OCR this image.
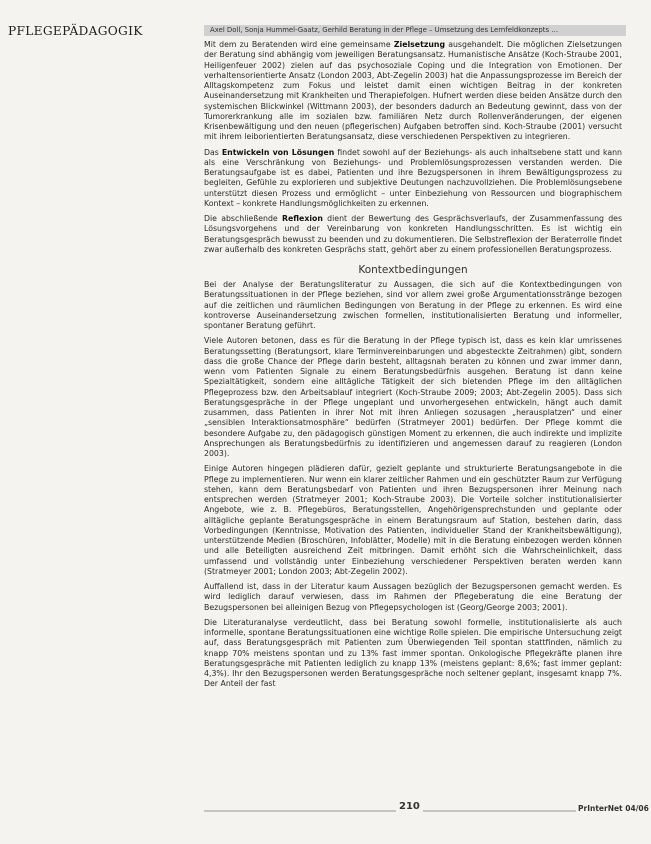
PFLEGEPÄDAGOGIK	Axel Doll, Sonja Hummel-Gaatz, Gerhild Beratung in der Pflege – Umsetzung des Lernfeldkonzepts …

Mit dem zu Beratenden wird eine gemeinsame Zielsetzung ausgehandelt. Die möglichen Zielsetzungen der Beratung sind abhängig vom jeweiligen Beratungsansatz. Humanistische Ansätze (Koch-Straube 2001, Heiligenfeuer 2002) zielen auf das psychosoziale Coping und die Integration von Emotionen. Der verhaltensorientierte Ansatz (London 2003, Abt-Zegelin 2003) hat die Anpassungsprozesse im Bereich der Alltagskompetenz zum Fokus und leistet damit einen wichtigen Beitrag in der konkreten Auseinandersetzung mit Krankheiten und Therapiefolgen. Hufnert werden diese beiden Ansätze durch den systemischen Blickwinkel (Wittmann 2003), der besonders dadurch an Bedeutung gewinnt, dass von der Tumorerkrankung alle im sozialen bzw. familiären Netz durch Rollenveränderungen, der eigenen Krisenbewältigung und den neuen (pflegerischen) Aufgaben betroffen sind. Koch-Straube (2001) versucht mit ihrem leiborientierten Beratungsansatz, diese verschiedenen Perspektiven zu integrieren.

Das Entwickeln von Lösungen findet sowohl auf der Beziehungs- als auch inhaltsebene statt und kann als eine Verschränkung von Beziehungs- und Problemlösungsprozessen verstanden werden. Die Beratungsaufgabe ist es dabei, Patienten und ihre Bezugspersonen in ihrem Bewältigungsprozess zu begleiten, Gefühle zu explorieren und subjektive Deutungen nachzuvollziehen. Die Problemlösungsebene unterstützt diesen Prozess und ermöglicht – unter Einbeziehung von Ressourcen und biographischem Kontext – konkrete Handlungsmöglichkeiten zu erkennen.

Die abschließende Reflexion dient der Bewertung des Gesprächsverlaufs, der Zusammenfassung des Lösungsvorgehens und der Vereinbarung von konkreten Handlungsschritten. Es ist wichtig ein Beratungsgespräch bewusst zu beenden und zu dokumentieren. Die Selbstreflexion der Beraterrolle findet zwar außerhalb des konkreten Gesprächs statt, gehört aber zu einem professionellen Beratungsprozess.

Kontextbedingungen

Bei der Analyse der Beratungsliteratur zu Aussagen, die sich auf die Kontextbedingungen von Beratungssituationen in der Pflege beziehen, sind vor allem zwei große Argumentationsstränge bezogen auf die zeitlichen und räumlichen Bedingungen von Beratung in der Pflege zu erkennen. Es wird eine kontroverse Auseinandersetzung zwischen formellen, institutionalisierten Beratung und informeller, spontaner Beratung geführt.

Viele Autoren betonen, dass es für die Beratung in der Pflege typisch ist, dass es kein klar umrissenes Beratungssetting (Beratungsort, klare Terminvereinbarungen und abgesteckte Zeitrahmen) gibt, sondern dass die große Chance der Pflege darin besteht, alltagsnah beraten zu können und zwar immer dann, wenn vom Patienten Signale zu einem Beratungsbedürfnis ausgehen. Beratung ist dann keine Spezialtätigkeit, sondern eine alltägliche Tätigkeit der sich bietenden Pflege im den alltäglichen Pflegeprozess bzw. den Arbeitsablauf integriert (Koch-Straube 2009; 2003; Abt-Zegelin 2005). Dass sich Beratungsgespräche in der Pflege ungeplant und unvorhergesehen entwickeln, hängt auch damit zusammen, dass Patienten in ihrer Not mit ihren Anliegen sozusagen „herausplatzen“ und einer „sensiblen Interaktionsatmosphäre“ bedürfen (Stratmeyer 2001) bedürfen. Der Pflege kommt die besondere Aufgabe zu, den pädagogisch günstigen Moment zu erkennen, die auch indirekte und implizite Ansprechungen als Beratungsbedürfnis zu identifizieren und angemessen darauf zu reagieren (London 2003).

Einige Autoren hingegen plädieren dafür, gezielt geplante und strukturierte Beratungsangebote in die Pflege zu implementieren. Nur wenn ein klarer zeitlicher Rahmen und ein geschützter Raum zur Verfügung stehen, kann dem Beratungsbedarf von Patienten und ihren Bezugspersonen ihrer Meinung nach entsprechen werden (Stratmeyer 2001; Koch-Straube 2003). Die Vorteile solcher institutionalisierter Angebote, wie z. B. Pflegebüros, Beratungsstellen, Angehörigensprechstunden und geplante oder alltägliche geplante Beratungsgespräche in einem Beratungsraum auf Station, bestehen darin, dass Vorbedingungen (Kenntnisse, Motivation des Patienten, individueller Stand der Krankheitsbewältigung), unterstützende Medien (Broschüren, Infoblätter, Modelle) mit in die Beratung einbezogen werden können und alle Beteiligten ausreichend Zeit mitbringen. Damit erhöht sich die Wahrscheinlichkeit, dass umfassend und vollständig unter Einbeziehung verschiedener Perspektiven beraten werden kann (Stratmeyer 2001; London 2003; Abt-Zegelin 2002).

Auffallend ist, dass in der Literatur kaum Aussagen bezüglich der Bezugspersonen gemacht werden. Es wird lediglich darauf verwiesen, dass im Rahmen der Pflegeberatung die eine Beratung der Bezugspersonen bei alleinigen Bezug von Pflegepsychologen ist (Georg/George 2003; 2001).

Die Literaturanalyse verdeutlicht, dass bei Beratung sowohl formelle, institutionalisierte als auch informelle, spontane Beratungssituationen eine wichtige Rolle spielen. Die empirische Untersuchung zeigt auf, dass Beratungsgespräch mit Patienten zum Überwiegenden Teil spontan stattfinden, nämlich zu knapp 70% meistens spontan und zu 13% fast immer spontan. Onkologische Pflegekräfte planen ihre Beratungsgespräche mit Patienten lediglich zu knapp 13% (meistens geplant: 8,6%; fast immer geplant: 4,3%). Ihr den Bezugspersonen werden Beratungsgespräche noch seltener geplant, insgesamt knapp 7%. Der Anteil der fast

210	PrInterNet 04/06
